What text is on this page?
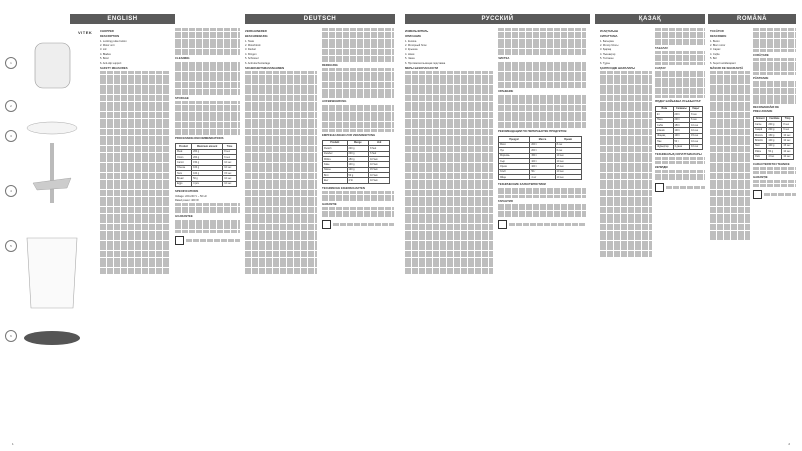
ENGLISH	DEUTSCH	РУССКИЙ	ҚАЗАҚ	ROMÂNĂ
VITEK
1
2
3
4
5
6

CHOPPER

DESCRIPTION

1. Locking pulse button

2. Motor unit

3. Lid

4. Blades

5. Bowl

6. Anti-slip support

SAFETY MEASURES

CLEANING

STORAGE

PROCESSING RECOMMENDATIONS

Product	Maximum amount	Time
Meat	200 g	8 sec
Onion	200 g	6 sec
Carrot	150 g	10 sec
Cheese	100 g	10 sec
Nuts	100 g	15 sec
Bread	50 g	10 sec
Eggs	4 pcs	10 sec

SPECIFICATIONS

Voltage: 220-240 V ~ 50 Hz

Rated power: 400 W

GUARANTEE

ZERKLEINERER

BESCHREIBUNG

1. Taste

2. Motorblock

3. Deckel

4. Klingen

5. Schüssel

6. Antirutschunterlage

SICHERHEITSMASSNAHMEN

REINIGUNG

AUFBEWAHRUNG

EMPFEHLUNGEN ZUR VERARBEITUNG

Produkt	Menge	Zeit
Fleisch	200 g	8 Sek
Zwiebel	200 g	6 Sek
Möhre	150 g	10 Sek
Käse	100 g	10 Sek
Nüsse	100 g	15 Sek
Brot	50 g	10 Sek
Eier	4 St	10 Sek

TECHNISCHE EIGENSCHAFTEN

GARANTIE

ИЗМЕЛЬЧИТЕЛЬ

ОПИСАНИЕ

1. Кнопка

2. Моторный блок

3. Крышка

4. Ножи

5. Чаша

6. Противоскользящая подставка

МЕРЫ БЕЗОПАСНОСТИ

ЧИСТКА

ХРАНЕНИЕ

РЕКОМЕНДАЦИИ ПО ПЕРЕРАБОТКЕ ПРОДУКТОВ

Продукт	Масса	Время
Мясо	200 г	8 сек
Лук	200 г	6 сек
Морковь	150 г	10 сек
Сыр	100 г	10 сек
Орехи	100 г	15 сек
Хлеб	50 г	10 сек
Яйца	4 шт	10 сек

ТЕХНИЧЕСКИЕ ХАРАКТЕРИСТИКИ

ГАРАНТИЯ

ҰСАҚТАҒЫШ

СИПАТТАМА

1. Батырма

2. Мотор блогы

3. Қақпақ

4. Пышақтар

5. Тостаған

6. Тұрғы

ҚАУІПСІЗДІК ШАРАЛАРЫ

ТАЗАЛАУ

САҚТАУ

ӨҢДЕУ БОЙЫНША ҰСЫНЫСТАР

Өнім	Салмағы	Уақыт
Ет	200 г	8 сек
Пияз	200 г	6 сек
Сәбіз	150 г	10 сек
Ірімшік	100 г	10 сек
Жаңғақ	100 г	15 сек
Нан	50 г	10 сек
Жұмыртқа	4 дана	10 сек

ТЕХНИКАЛЫҚ СИПАТТАМАЛАРЫ

КЕПІЛДІК

TOCĂTOR

DESCRIERE

1. Buton

2. Bloc motor

3. Capac

4. Cuțite

5. Bol

6. Suport antiderapant

MĂSURI DE SIGURANȚĂ

CURĂȚARE

PĂSTRARE

RECOMANDĂRI DE PRELUCRARE

Aliment	Cantitate	Timp
Carne	200 g	8 sec
Ceapă	200 g	6 sec
Morcov	150 g	10 sec
Brânză	100 g	10 sec
Nuci	100 g	15 sec
Pâine	50 g	10 sec
Ouă	4 buc	10 sec

CARACTERISTICI TEHNICE

GARANȚIE

1	2
